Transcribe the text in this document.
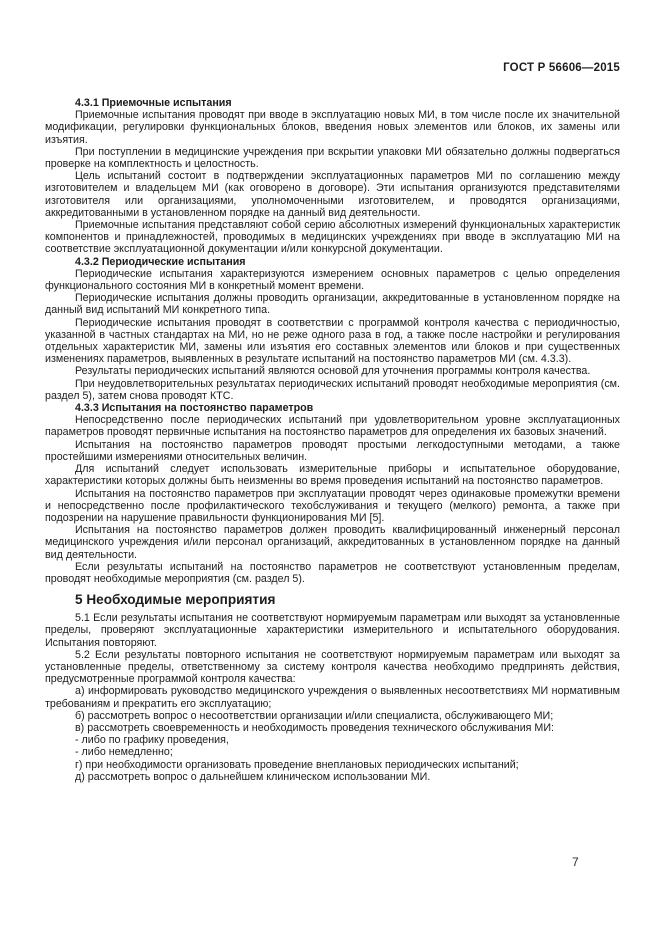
ГОСТ Р 56606—2015
4.3.1 Приемочные испытания
Приемочные испытания проводят при вводе в эксплуатацию новых МИ, в том числе после их значительной модификации, регулировки функциональных блоков, введения новых элементов или блоков, их замены или изъятия.
При поступлении в медицинские учреждения при вскрытии упаковки МИ обязательно должны подвергаться проверке на комплектность и целостность.
Цель испытаний состоит в подтверждении эксплуатационных параметров МИ по соглашению между изготовителем и владельцем МИ (как оговорено в договоре). Эти испытания организуются представителями изготовителя или организациями, уполномоченными изготовителем, и проводятся организациями, аккредитованными в установленном порядке на данный вид деятельности.
Приемочные испытания представляют собой серию абсолютных измерений функциональных характеристик компонентов и принадлежностей, проводимых в медицинских учреждениях при вводе в эксплуатацию МИ на соответствие эксплуатационной документации и/или конкурсной документации.
4.3.2 Периодические испытания
Периодические испытания характеризуются измерением основных параметров с целью определения функционального состояния МИ в конкретный момент времени.
Периодические испытания должны проводить организации, аккредитованные в установленном порядке на данный вид испытаний МИ конкретного типа.
Периодические испытания проводят в соответствии с программой контроля качества с периодичностью, указанной в частных стандартах на МИ, но не реже одного раза в год, а также после настройки и регулирования отдельных характеристик МИ, замены или изъятия его составных элементов или блоков и при существенных изменениях параметров, выявленных в результате испытаний на постоянство параметров МИ (см. 4.3.3).
Результаты периодических испытаний являются основой для уточнения программы контроля качества.
При неудовлетворительных результатах периодических испытаний проводят необходимые мероприятия (см. раздел 5), затем снова проводят КТС.
4.3.3 Испытания на постоянство параметров
Непосредственно после периодических испытаний при удовлетворительном уровне эксплуатационных параметров проводят первичные испытания на постоянство параметров для определения их базовых значений.
Испытания на постоянство параметров проводят простыми легкодоступными методами, а также простейшими измерениями относительных величин.
Для испытаний следует использовать измерительные приборы и испытательное оборудование, характеристики которых должны быть неизменны во время проведения испытаний на постоянство параметров.
Испытания на постоянство параметров при эксплуатации проводят через одинаковые промежутки времени и непосредственно после профилактического техобслуживания и текущего (мелкого) ремонта, а также при подозрении на нарушение правильности функционирования МИ [5].
Испытания на постоянство параметров должен проводить квалифицированный инженерный персонал медицинского учреждения и/или персонал организаций, аккредитованных в установленном порядке на данный вид деятельности.
Если результаты испытаний на постоянство параметров не соответствуют установленным пределам, проводят необходимые мероприятия (см. раздел 5).
5 Необходимые мероприятия
5.1 Если результаты испытания не соответствуют нормируемым параметрам или выходят за установленные пределы, проверяют эксплуатационные характеристики измерительного и испытательного оборудования. Испытания повторяют.
5.2 Если результаты повторного испытания не соответствуют нормируемым параметрам или выходят за установленные пределы, ответственному за систему контроля качества необходимо предпринять действия, предусмотренные программой контроля качества:
а) информировать руководство медицинского учреждения о выявленных несоответствиях МИ нормативным требованиям и прекратить его эксплуатацию;
б) рассмотреть вопрос о несоответствии организации и/или специалиста, обслуживающего МИ;
в) рассмотреть своевременность и необходимость проведения технического обслуживания МИ:
- либо по графику проведения,
- либо немедленно;
г) при необходимости организовать проведение внеплановых периодических испытаний;
д) рассмотреть вопрос о дальнейшем клиническом использовании МИ.
7
